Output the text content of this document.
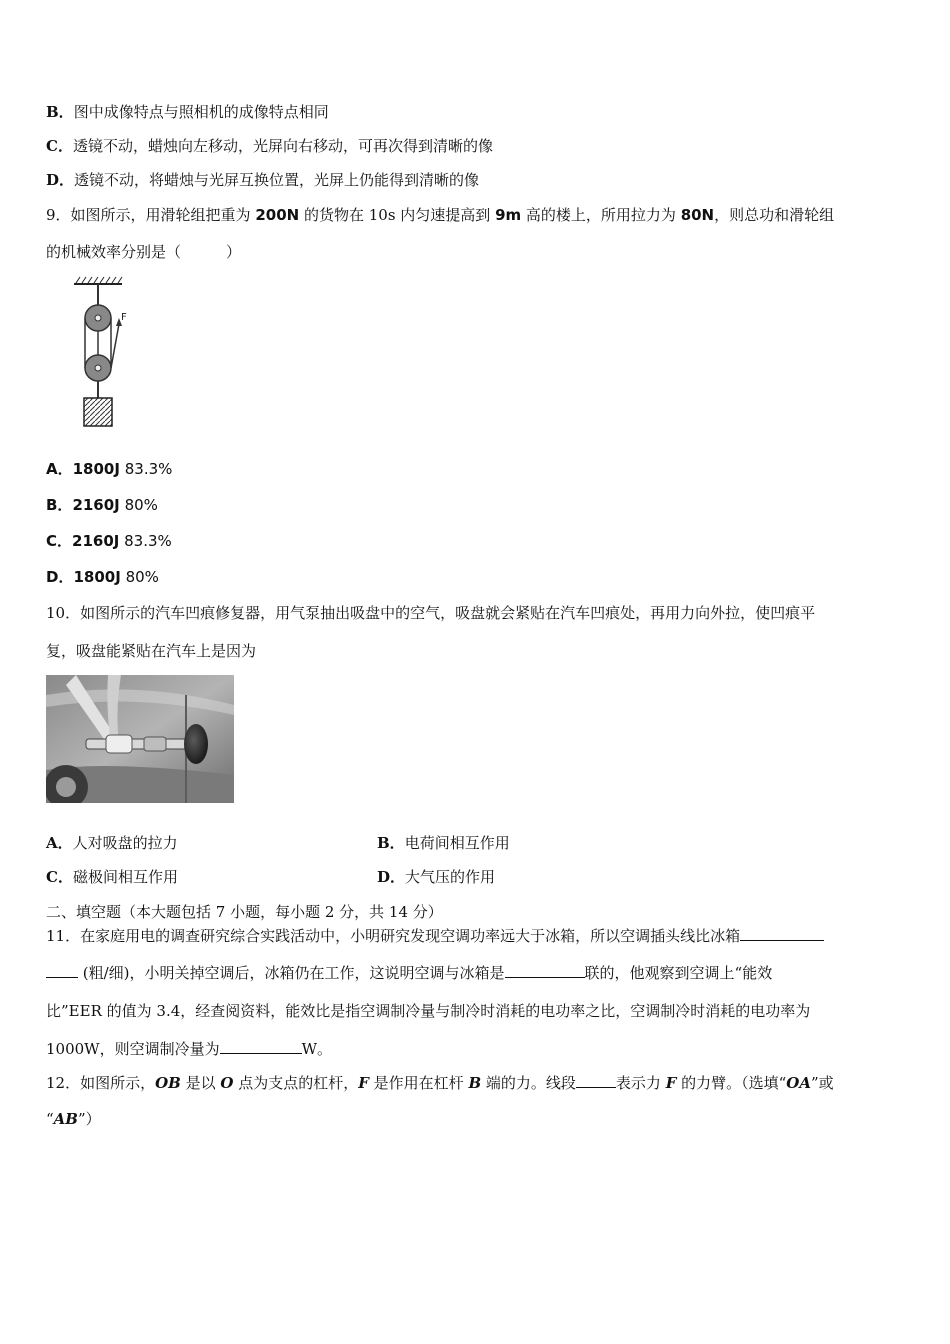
B．图中成像特点与照相机的成像特点相同
C．透镜不动，蜡烛向左移动，光屏向右移动，可再次得到清晰的像
D．透镜不动，将蜡烛与光屏互换位置，光屏上仍能得到清晰的像
9．如图所示，用滑轮组把重为 200N 的货物在 10s 内匀速提高到 9m 高的楼上，所用拉力为 80N，则总功和滑轮组
的机械效率分别是（　　　）
F
A．1800J 83.3%
B．2160J 80%
C．2160J 83.3%
D．1800J 80%
10．如图所示的汽车凹痕修复器，用气泵抽出吸盘中的空气，吸盘就会紧贴在汽车凹痕处，再用力向外拉，使凹痕平
复，吸盘能紧贴在汽车上是因为
A．人对吸盘的拉力	B．电荷间相互作用
C．磁极间相互作用	D．大气压的作用
二、填空题（本大题包括 7 小题，每小题 2 分，共 14 分）
11．在家庭用电的调查研究综合实践活动中，小明研究发现空调功率远大于冰箱，所以空调插头线比冰箱
(粗/细)，小明关掉空调后，冰箱仍在工作，这说明空调与冰箱是	联的，他观察到空调上“能效
比”EER 的值为 3.4，经查阅资料，能效比是指空调制冷量与制冷时消耗的电功率之比，空调制冷时消耗的电功率为
1000W，则空调制冷量为	W。
12．如图所示，OB 是以 O 点为支点的杠杆，F 是作用在杠杆 B 端的力。线段	表示力 F 的力臂。（选填“OA”或
“AB”）
